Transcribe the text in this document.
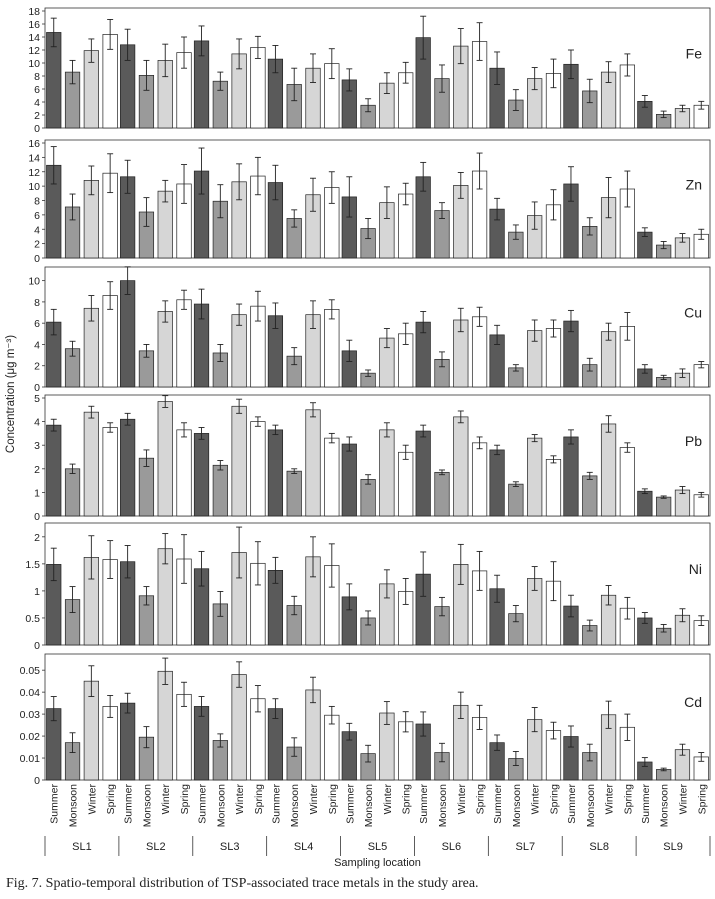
0
2
4
6
8
10
12
14
16
18
Fe
0
2
4
6
8
10
12
14
16
Zn
0
2
4
6
8
10
Cu
0
1
2
3
4
5
Pb
0
0.5
1
1.5
2
Ni
0
0.01
0.02
0.03
0.04
0.05
Cd
Concentration (μg m⁻³)
Summer Monsoon Winter Spring Summer Monsoon Winter Spring Summer Monsoon Winter Spring Summer Monsoon Winter Spring Summer Monsoon Winter Spring Summer Monsoon Winter Spring Summer Monsoon Winter Spring Summer Monsoon Winter Spring Summer Monsoon Winter Spring
SL1	SL2	SL3	SL4	SL5	SL6	SL7	SL8	SL9
Sampling location
Fig. 7. Spatio-temporal distribution of TSP-associated trace metals in the study area.
